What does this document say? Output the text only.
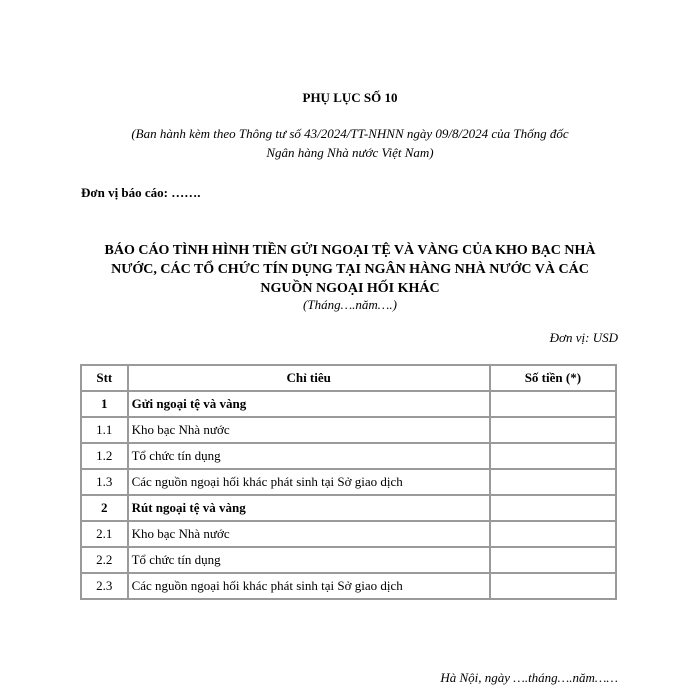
PHỤ LỤC SỐ 10
(Ban hành kèm theo Thông tư số 43/2024/TT-NHNN ngày 09/8/2024 của Thống đốc
Ngân hàng Nhà nước Việt Nam)
Đơn vị báo cáo: …….
BÁO CÁO TÌNH HÌNH TIỀN GỬI NGOẠI TỆ VÀ VÀNG CỦA KHO BẠC NHÀ
NƯỚC, CÁC TỔ CHỨC TÍN DỤNG TẠI NGÂN HÀNG NHÀ NƯỚC VÀ CÁC
NGUỒN NGOẠI HỐI KHÁC
(Tháng….năm….)
Đơn vị: USD
Stt	Chỉ tiêu	Số tiền (*)
1	Gửi ngoại tệ và vàng	
1.1	Kho bạc Nhà nước	
1.2	Tổ chức tín dụng	
1.3	Các nguồn ngoại hối khác phát sinh tại Sở giao dịch	
2	Rút ngoại tệ và vàng	
2.1	Kho bạc Nhà nước	
2.2	Tổ chức tín dụng	
2.3	Các nguồn ngoại hối khác phát sinh tại Sở giao dịch	
Hà Nội, ngày ….tháng….năm……
